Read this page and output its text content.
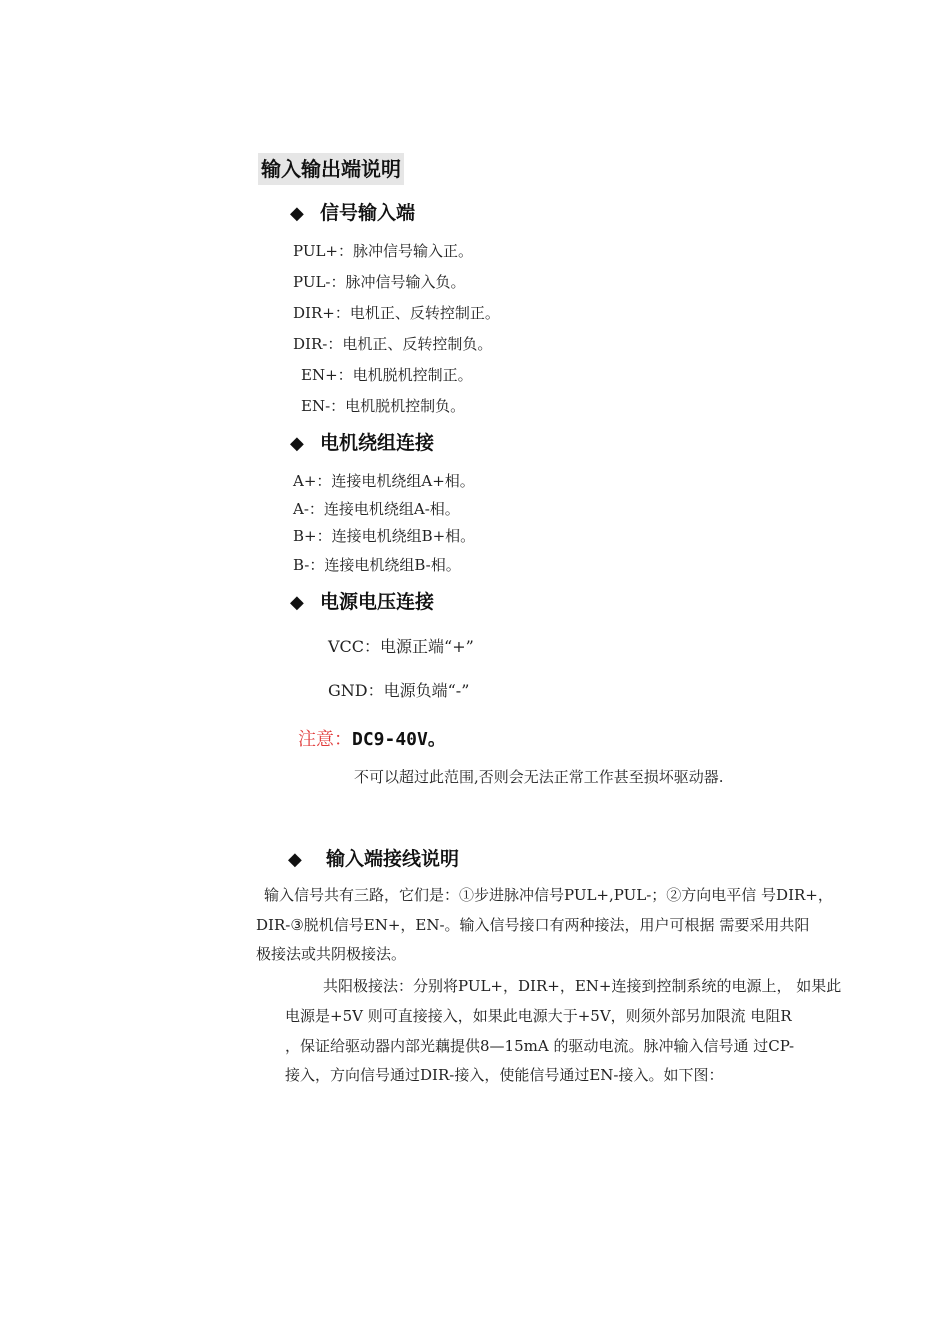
输入输出端说明
◆ 信号输入端
PUL+：脉冲信号输入正。
PUL-：脉冲信号输入负。
DIR+：电机正、反转控制正。
DIR-：电机正、反转控制负。
EN+：电机脱机控制正。
EN-：电机脱机控制负。
◆ 电机绕组连接
A+：连接电机绕组A+相。
A-：连接电机绕组A-相。
B+：连接电机绕组B+相。
B-：连接电机绕组B-相。
◆ 电源电压连接
VCC：电源正端“+”
GND：电源负端“-”
注意：DC9-40V。
不可以超过此范围,否则会无法正常工作甚至损坏驱动器.
◆ 输入端接线说明
输入信号共有三路，它们是：①步进脉冲信号PUL+,PUL-；②方向电平信 号DIR+，
DIR-③脱机信号EN+，EN-。输入信号接口有两种接法，用户可根据 需要采用共阳
极接法或共阴极接法。
共阳极接法：分别将PUL+，DIR+，EN+连接到控制系统的电源上， 如果此
电源是+5V 则可直接接入，如果此电源大于+5V，则须外部另加限流 电阻R
，保证给驱动器内部光藕提供8—15mA 的驱动电流。脉冲输入信号通 过CP-
接入，方向信号通过DIR-接入，使能信号通过EN-接入。如下图：
